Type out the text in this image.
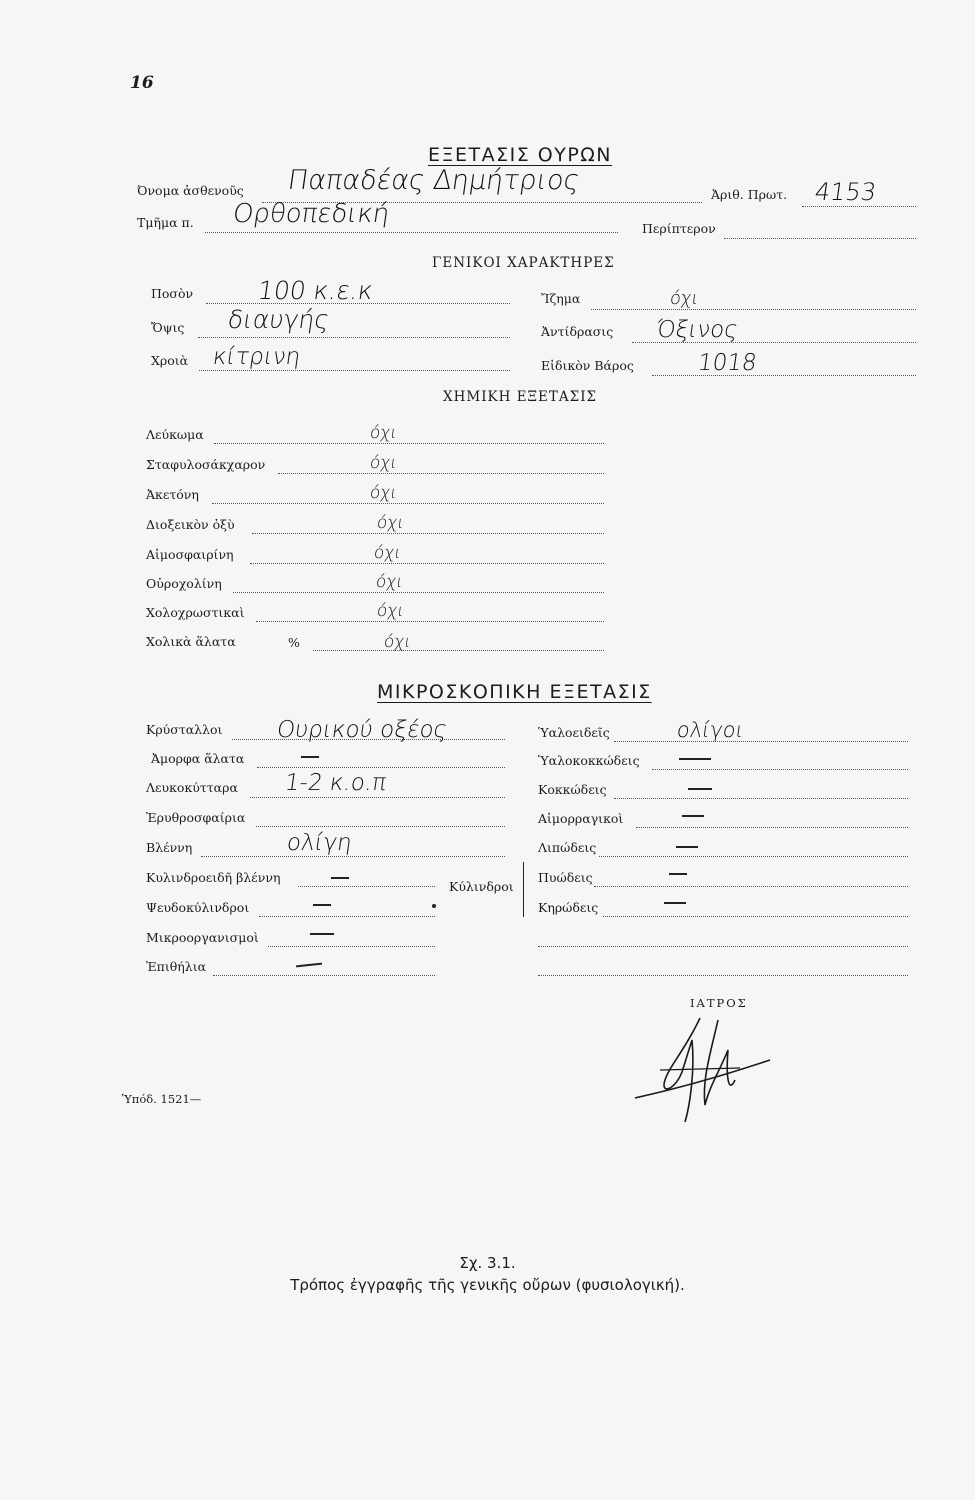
16
ΕΞΕΤΑΣΙΣ ΟΥΡΩΝ
Όνομα ἀσθενοῦς Παπαδέας Δημήτριος	Ἀριθ. Πρωτ. 4153
Τμῆμα π. Ορθοπεδική	Περίπτερον
ΓΕΝΙΚΟΙ ΧΑΡΑΚΤΗΡΕΣ
Ποσὸν	100 κ.ε.κ	Ἴζημα	όχι
Ὄψις διαυγής	Ἀντίδρασις Όξινος
Χροιὰ κίτρινη	Εἰδικὸν Βάρος	1018
ΧΗΜΙΚΗ ΕΞΕΤΑΣΙΣ
Λεύκωμα	όχι
Σταφυλοσάκχαρον	όχι
Ἀκετόνη	όχι
Διοξεικὸν ὀξὺ	όχι
Αἱμοσφαιρίνη	όχι
Οὐροχολίνη	όχι
Χολοχρωστικαὶ	όχι
Χολικὰ ἅλατα	%	όχι
ΜΙΚΡΟΣΚΟΠΙΚΗ ΕΞΕΤΑΣΙΣ
Κρύσταλλοι Ουρικού οξέος
Ἀμορφα ἅλατα
Λευκοκύτταρα 1-2 κ.ο.π
Ἐρυθροσφαίρια
Βλέννη	ολίγη
Κυλινδροειδῆ βλέννη
Ψευδοκύλινδροι
Μικροοργανισμοὶ
Ἐπιθήλια
Κύλινδροι
Ὑαλοειδεῖς	ολίγοι
Ὑαλοκοκκώδεις
Κοκκώδεις
Αἱμορραγικοὶ
Λιπώδεις
Πυώδεις
Κηρώδεις
ΙΑΤΡΟΣ
Ὑπόδ. 1521—
Σχ. 3.1.
Τρόπος ἐγγραφῆς τῆς γενικῆς οὔρων (φυσιολογική).
